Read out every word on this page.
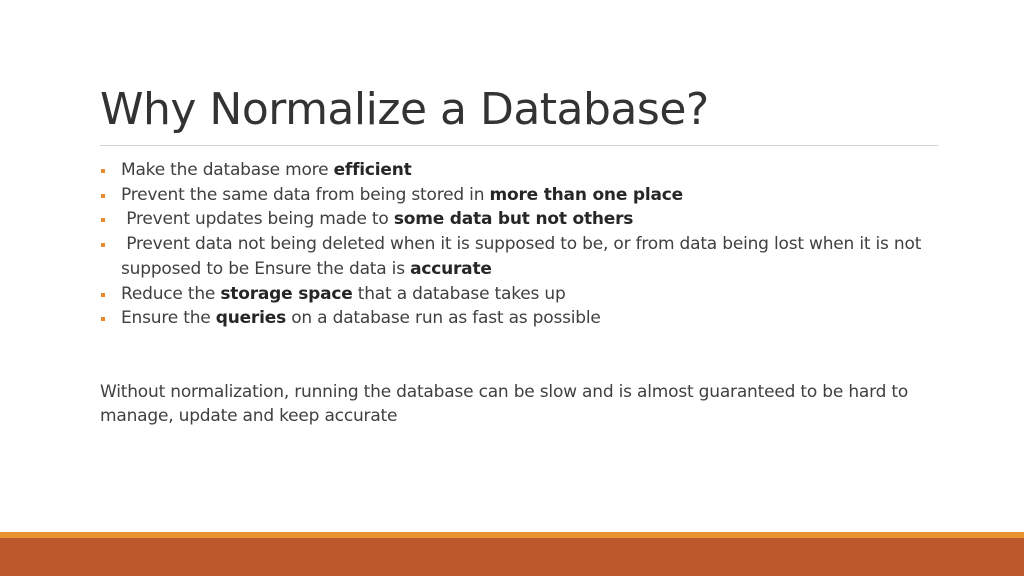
Why Normalize a Database?
Make the database more efficient
Prevent the same data from being stored in more than one place
Prevent updates being made to some data but not others
Prevent data not being deleted when it is supposed to be, or from data being lost when it is not supposed to be Ensure the data is accurate
Reduce the storage space that a database takes up
Ensure the queries on a database run as fast as possible

Without normalization, running the database can be slow and is almost guaranteed to be hard to manage, update and keep accurate
